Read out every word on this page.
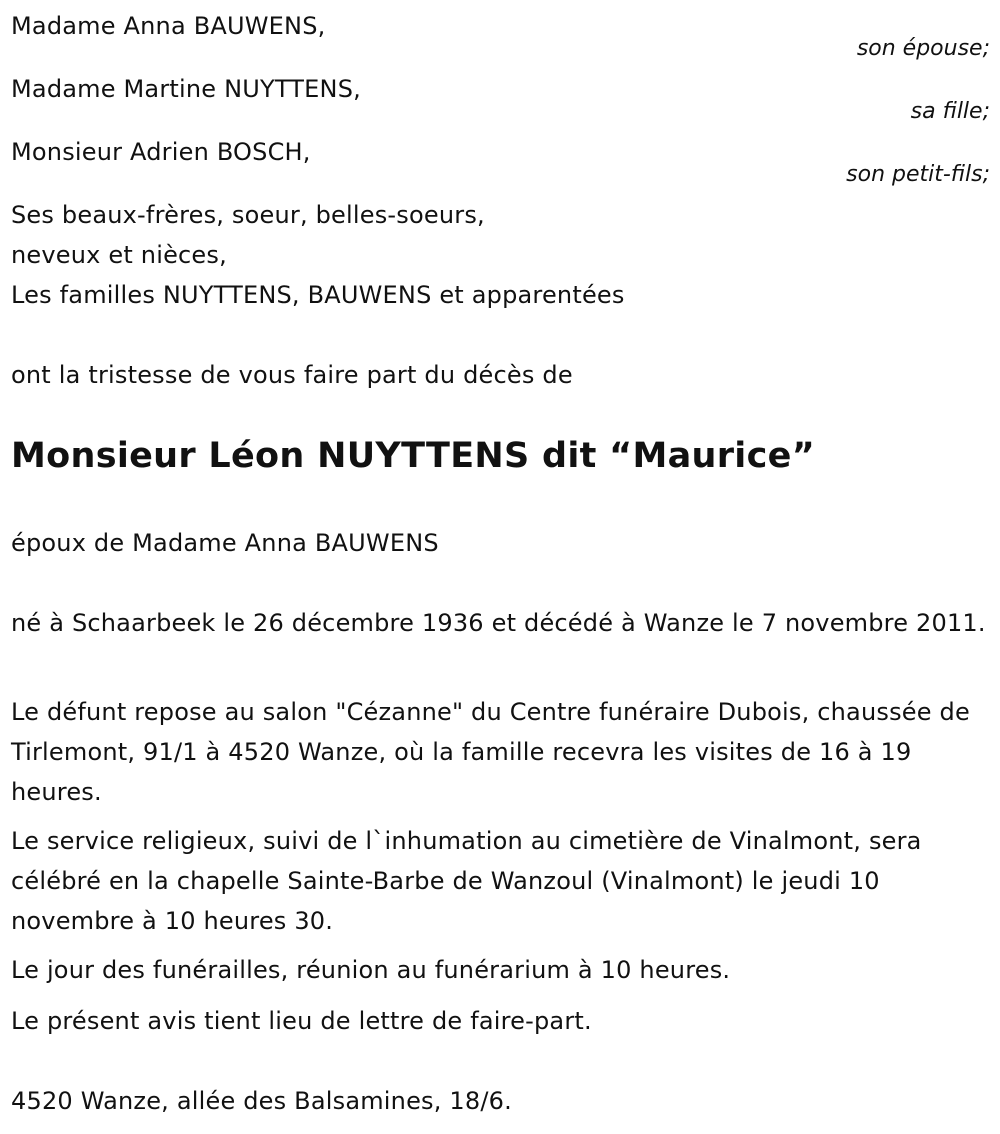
Madame Anna BAUWENS,
son épouse;
Madame Martine NUYTTENS,
sa fille;
Monsieur Adrien BOSCH,
son petit-fils;
Ses beaux-frères, soeur, belles-soeurs,
neveux et nièces,
Les familles NUYTTENS, BAUWENS et apparentées
ont la tristesse de vous faire part du décès de
Monsieur Léon NUYTTENS dit “Maurice”
époux de Madame Anna BAUWENS
né à Schaarbeek le 26 décembre 1936 et décédé à Wanze le 7 novembre 2011.
Le défunt repose au salon "Cézanne" du Centre funéraire Dubois, chaussée de Tirlemont, 91/1 à 4520 Wanze, où la famille recevra les visites de 16 à 19 heures.
Le service religieux, suivi de l`inhumation au cimetière de Vinalmont, sera célébré en la chapelle Sainte-Barbe de Wanzoul (Vinalmont) le jeudi 10 novembre à 10 heures 30.
Le jour des funérailles, réunion au funérarium à 10 heures.
Le présent avis tient lieu de lettre de faire-part.
4520 Wanze, allée des Balsamines, 18/6.
